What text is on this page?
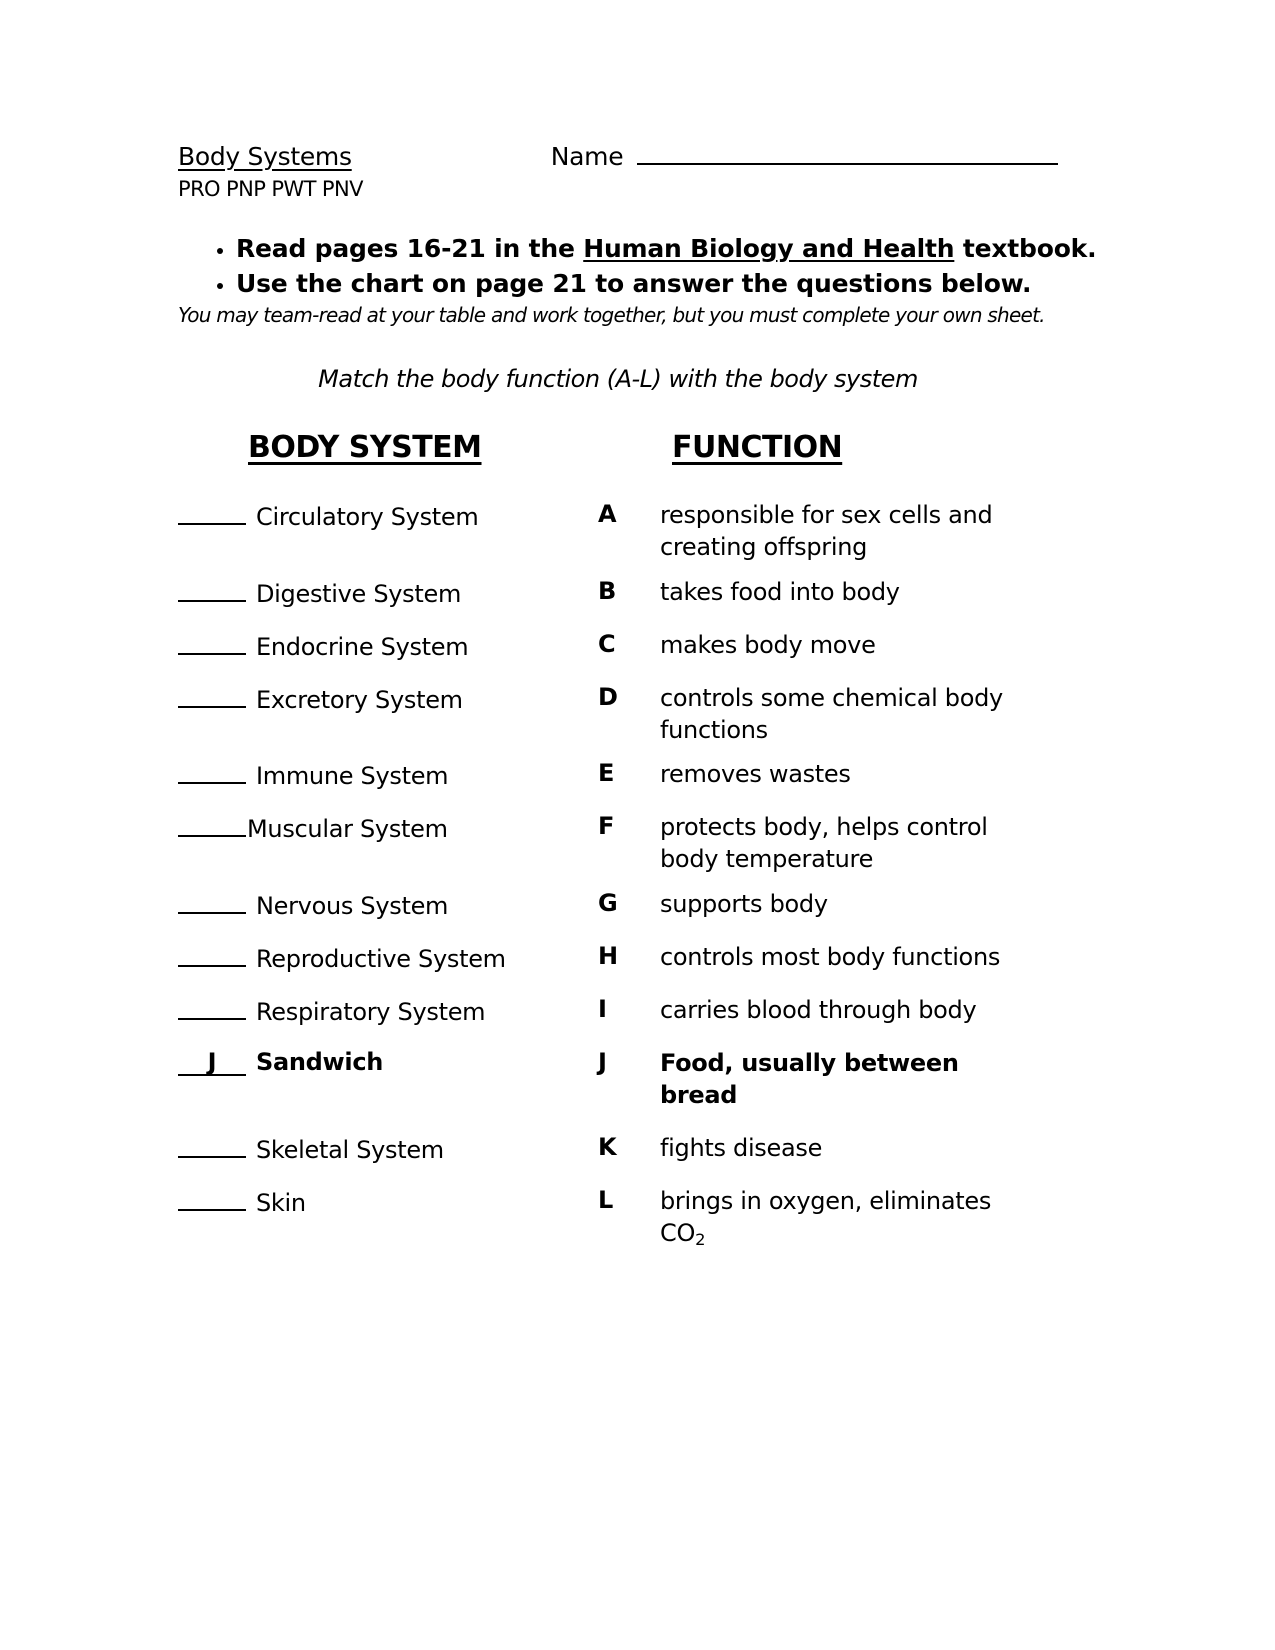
Body Systems	Name
PRO PNP PWT PNV
• Read pages 16-21 in the Human Biology and Health textbook.
• Use the chart on page 21 to answer the questions below.
You may team-read at your table and work together, but you must complete your own sheet.
Match the body function (A-L) with the body system
BODY SYSTEM	FUNCTION
Circulatory System	A	responsible for sex cells and creating offspring
Digestive System	B	takes food into body
Endocrine System	C	makes body move
Excretory System	D	controls some chemical body functions
Immune System	E	removes wastes
Muscular System	F	protects body, helps control body temperature
Nervous System	G	supports body
Reproductive System	H	controls most body functions
Respiratory System	I	carries blood through body
J	Sandwich	J	Food, usually between bread
Skeletal System	K	fights disease
Skin	L	brings in oxygen, eliminates $CO_2$
